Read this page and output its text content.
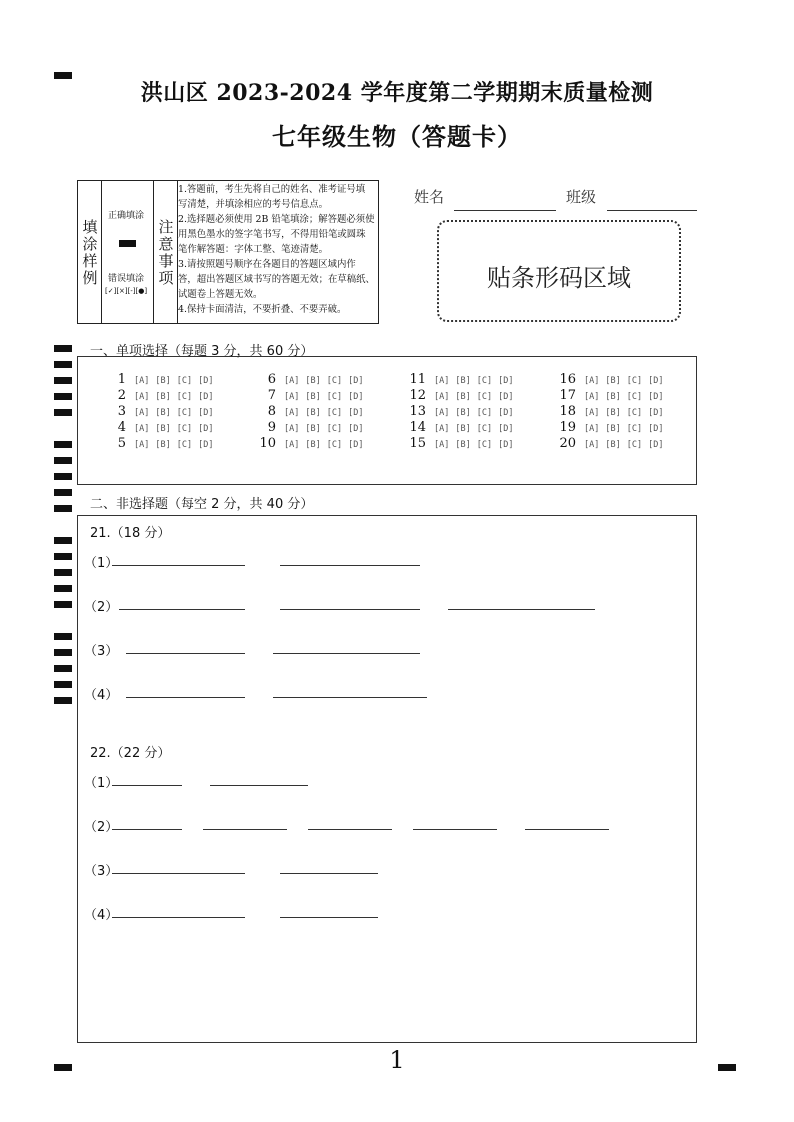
洪山区 2023-2024 学年度第二学期期末质量检测
七年级生物（答题卡）
填
涂
样
例
正确填涂
错误填涂
[✓][×][-][●]
注
意
事
项
1.答题前，考生先将自己的姓名、准考证号填
写清楚，并填涂相应的考号信息点。
2.选择题必须使用 2B 铅笔填涂；解答题必须使
用黑色墨水的签字笔书写，不得用铅笔或圆珠
笔作解答题：字体工整、笔迹清楚。
3.请按照题号顺序在各题目的答题区域内作
答，超出答题区域书写的答题无效；在草稿纸、
试题卷上答题无效。
4.保持卡面清洁，不要折叠、不要弄破。
姓名	班级
贴条形码区域
一、单项选择（每题 3 分，共 60 分）
1 [A] [B] [C] [D]
2 [A] [B] [C] [D]
3 [A] [B] [C] [D]
4 [A] [B] [C] [D]
5 [A] [B] [C] [D]
6 [A] [B] [C] [D]
7 [A] [B] [C] [D]
8 [A] [B] [C] [D]
9 [A] [B] [C] [D]
10 [A] [B] [C] [D]
11 [A] [B] [C] [D]
12 [A] [B] [C] [D]
13 [A] [B] [C] [D]
14 [A] [B] [C] [D]
15 [A] [B] [C] [D]
16 [A] [B] [C] [D]
17 [A] [B] [C] [D]
18 [A] [B] [C] [D]
19 [A] [B] [C] [D]
20 [A] [B] [C] [D]
二、非选择题（每空 2 分，共 40 分）
21.（18 分）
（1）
（2）
（3）
（4）
22.（22 分）
（1）
（2）
（3）
（4）
1
